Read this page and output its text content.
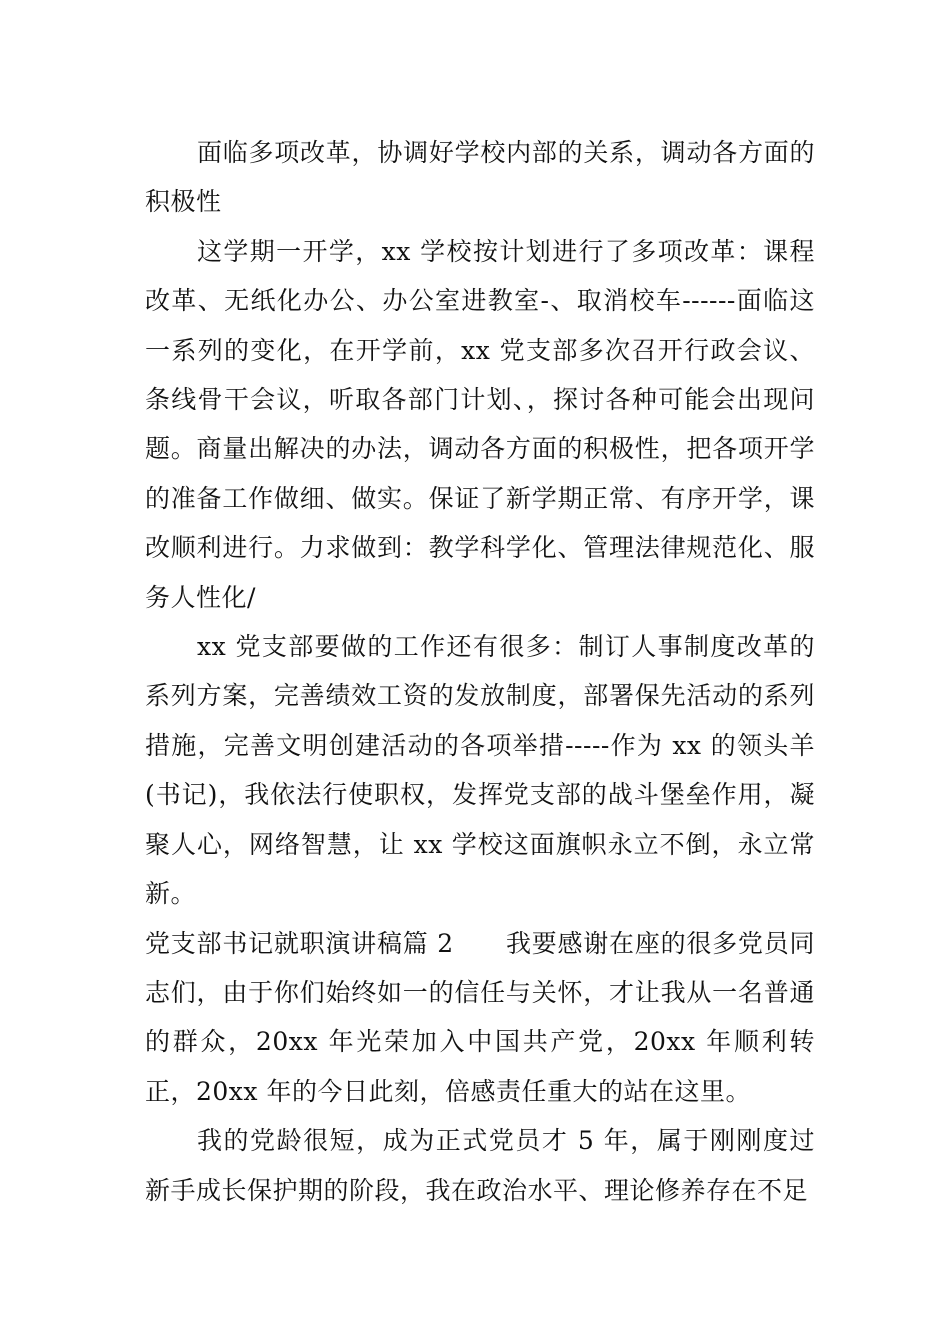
面临多项改革，协调好学校内部的关系，调动各方面的积极性

这学期一开学，xx 学校按计划进行了多项改革：课程改革、无纸化办公、办公室进教室-、取消校车------面临这一系列的变化，在开学前，xx 党支部多次召开行政会议、条线骨干会议，听取各部门计划、，探讨各种可能会出现问题。商量出解决的办法，调动各方面的积极性，把各项开学的准备工作做细、做实。保证了新学期正常、有序开学，课改顺利进行。力求做到：教学科学化、管理法律规范化、服务人性化/

xx 党支部要做的工作还有很多：制订人事制度改革的系列方案，完善绩效工资的发放制度，部署保先活动的系列措施，完善文明创建活动的各项举措-----作为 xx 的领头羊(书记)，我依法行使职权，发挥党支部的战斗堡垒作用，凝聚人心，网络智慧，让 xx 学校这面旗帜永立不倒，永立常新。

党支部书记就职演讲稿篇 2 我要感谢在座的很多党员同志们，由于你们始终如一的信任与关怀，才让我从一名普通的群众，20xx 年光荣加入中国共产党，20xx 年顺利转正，20xx 年的今日此刻，倍感责任重大的站在这里。

我的党龄很短，成为正式党员才 5 年，属于刚刚度过新手成长保护期的阶段，我在政治水平、理论修养存在不足
